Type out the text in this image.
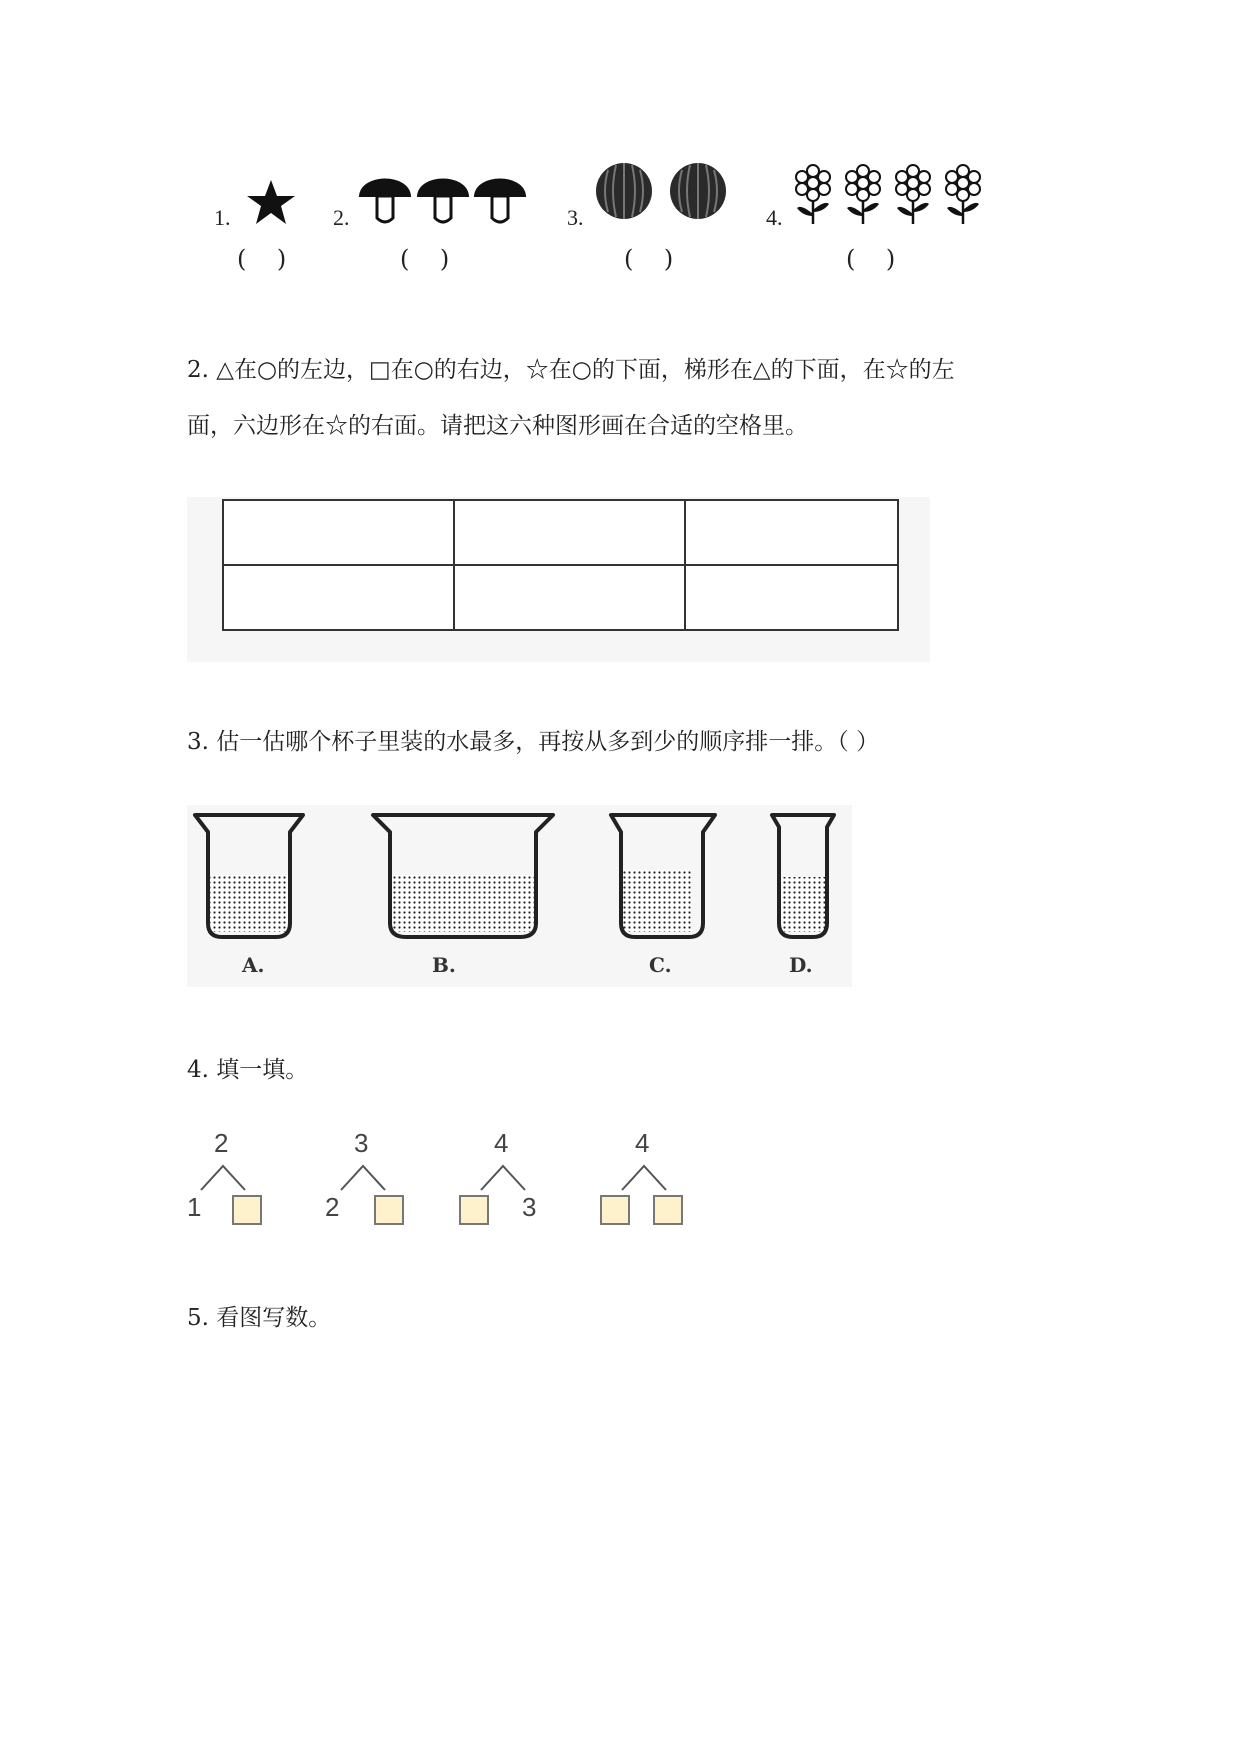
1.
(    )
2.
(    )
3.
(    )
4.
(    )
2. △在○的左边，□在○的右边，☆在○的下面，梯形在△的下面，在☆的左
面，六边形在☆的右面。请把这六种图形画在合适的空格里。

3. 估一估哪个杯子里装的水最多，再按从多到少的顺序排一排。（ ）
A.	B.	C.	D.
4. 填一填。
2
1
3
2
4
3
4
5. 看图写数。
